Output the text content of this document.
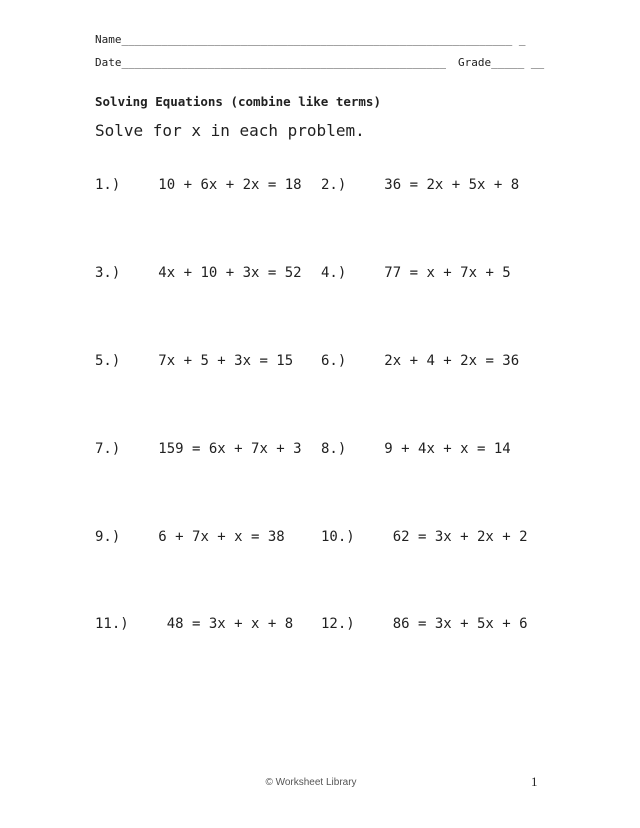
Name___________________________________________________________ _
Date_________________________________________________ Grade_____ __
Solving Equations (combine like terms)
Solve for x in each problem.
1.)	10 + 6x + 2x = 18 2.)	36 = 2x + 5x + 8
3.)	4x + 10 + 3x = 52 4.)	77 = x + 7x + 5
5.)	7x + 5 + 3x = 15 6.)	2x + 4 + 2x = 36
7.)	159 = 6x + 7x + 3 8.)	9 + 4x + x = 14
9.)	6 + 7x + x = 38	10.)	62 = 3x + 2x + 2
11.)	48 = 3x + x + 8 12.)	86 = 3x + 5x + 6
© Worksheet Library	1
